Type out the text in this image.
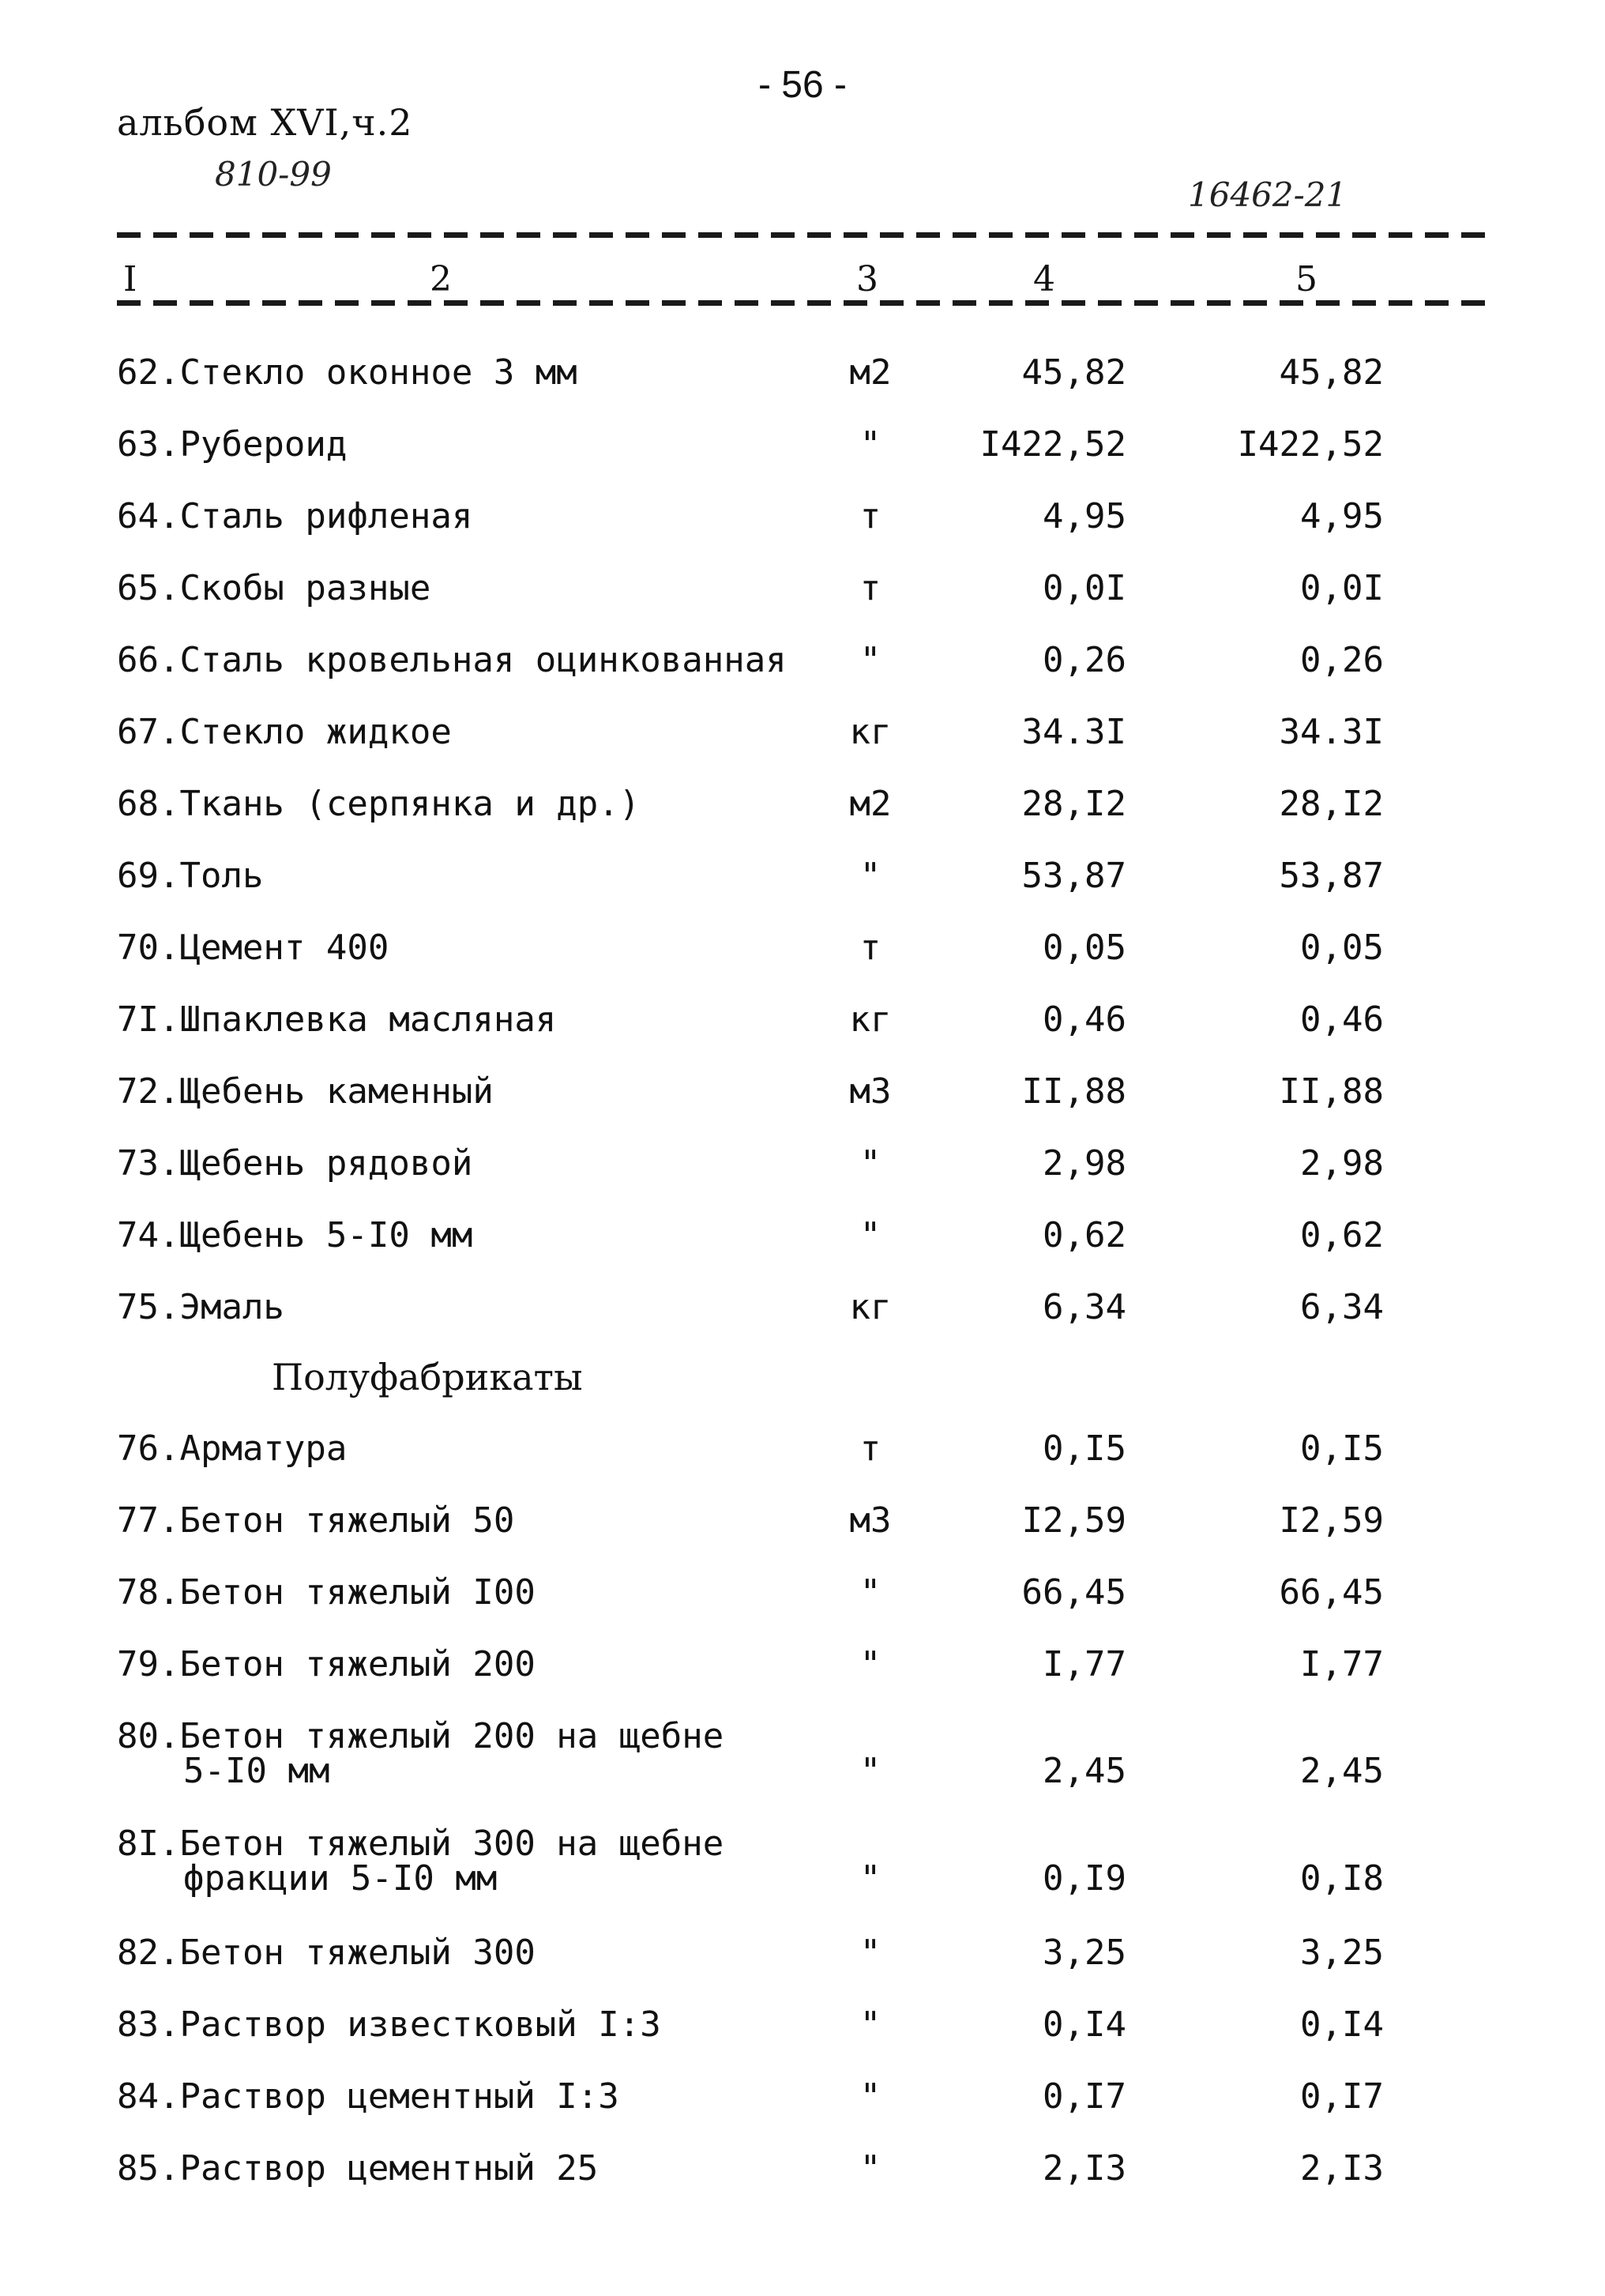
- 56 -
альбом ХVI,ч.2
810-99
16462-21
I	2	3	4	5
62.Стекло оконное 3 мм	м2	45,82	45,82
63.Рубероид	"	I422,52	I422,52
64.Сталь рифленая	т	4,95	4,95
65.Скобы разные	т	0,0I	0,0I
66.Сталь кровельная оцинкованная	"	0,26	0,26
67.Стекло жидкое	кг	34.3I	34.3I
68.Ткань (серпянка и др.)	м2	28,I2	28,I2
69.Толь	"	53,87	53,87
70.Цемент 400	т	0,05	0,05
7I.Шпаклевка масляная	кг	0,46	0,46
72.Щебень каменный	м3	II,88	II,88
73.Щебень рядовой	"	2,98	2,98
74.Щебень 5-I0 мм	"	0,62	0,62
75.Эмаль	кг	6,34	6,34
Полуфабрикаты
76.Арматура	т	0,I5	0,I5
77.Бетон тяжелый 50	м3	I2,59	I2,59
78.Бетон тяжелый I00	"	66,45	66,45
79.Бетон тяжелый 200	"	I,77	I,77
80.Бетон тяжелый 200 на щебне
5-I0 мм	"	2,45	2,45
8I.Бетон тяжелый 300 на щебне
фракции 5-I0 мм	"	0,I9	0,I8
82.Бетон тяжелый 300	"	3,25	3,25
83.Раствор известковый I:3	"	0,I4	0,I4
84.Раствор цементный I:3	"	0,I7	0,I7
85.Раствор цементный 25	"	2,I3	2,I3
